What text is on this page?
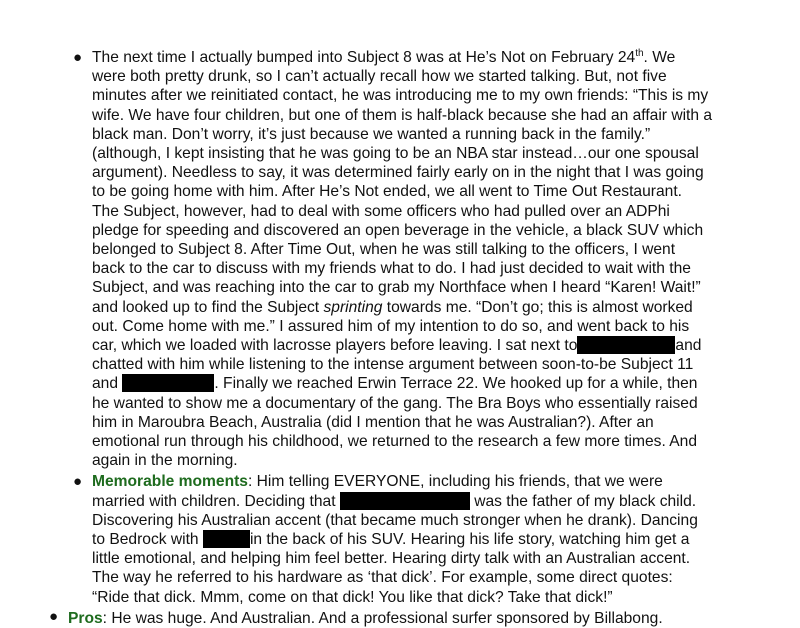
● The next time I actually bumped into Subject 8 was at He’s Not on February 24th. We
were both pretty drunk, so I can’t actually recall how we started talking. But, not five
minutes after we reinitiated contact, he was introducing me to my own friends: “This is my
wife. We have four children, but one of them is half-black because she had an affair with a
black man. Don’t worry, it’s just because we wanted a running back in the family.”
(although, I kept insisting that he was going to be an NBA star instead…our one spousal
argument). Needless to say, it was determined fairly early on in the night that I was going
to be going home with him. After He’s Not ended, we all went to Time Out Restaurant.
The Subject, however, had to deal with some officers who had pulled over an ADPhi
pledge for speeding and discovered an open beverage in the vehicle, a black SUV which
belonged to Subject 8. After Time Out, when he was still talking to the officers, I went
back to the car to discuss with my friends what to do. I had just decided to wait with the
Subject, and was reaching into the car to grab my Northface when I heard “Karen! Wait!”
and looked up to find the Subject sprinting towards me. “Don’t go; this is almost worked
out. Come home with me.” I assured him of my intention to do so, and went back to his
car, which we loaded with lacrosse players before leaving. I sat next to	and
chatted with him while listening to the intense argument between soon-to-be Subject 11
and	. Finally we reached Erwin Terrace 22. We hooked up for a while, then
he wanted to show me a documentary of the gang. The Bra Boys who essentially raised
him in Maroubra Beach, Australia (did I mention that he was Australian?). After an
emotional run through his childhood, we returned to the research a few more times. And
again in the morning.
● Memorable moments: Him telling EVERYONE, including his friends, that we were
married with children. Deciding that	was the father of my black child.
Discovering his Australian accent (that became much stronger when he drank). Dancing
to Bedrock with	in the back of his SUV. Hearing his life story, watching him get a
little emotional, and helping him feel better. Hearing dirty talk with an Australian accent.
The way he referred to his hardware as ‘that dick’. For example, some direct quotes:
“Ride that dick. Mmm, come on that dick! You like that dick? Take that dick!”
● Pros: He was huge. And Australian. And a professional surfer sponsored by Billabong.
